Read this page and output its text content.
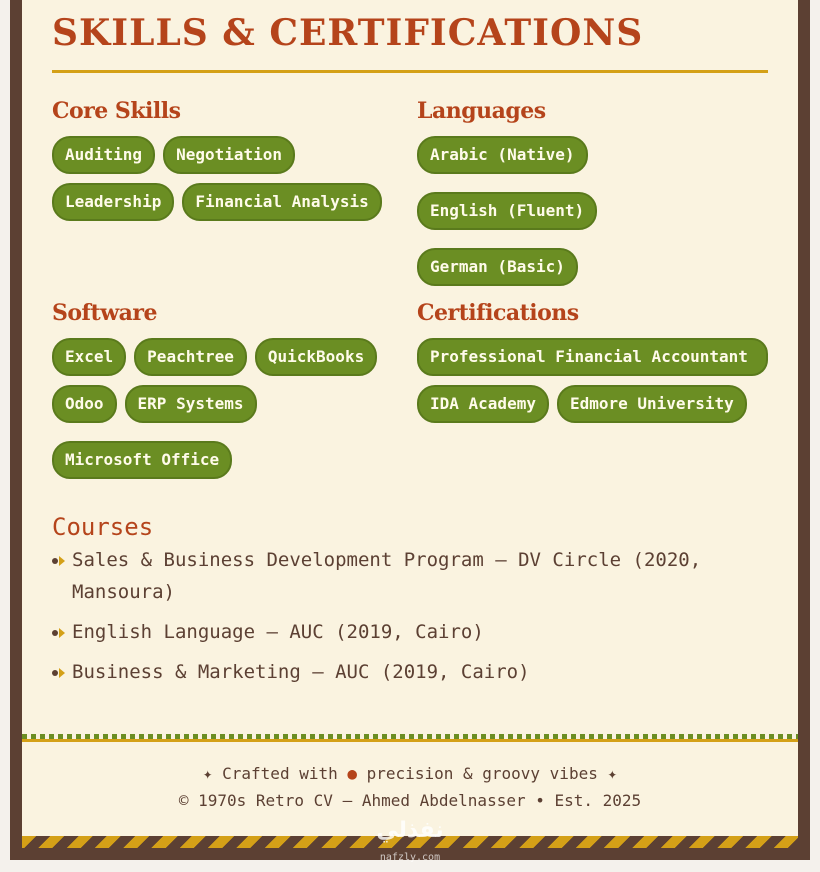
SKILLS & CERTIFICATIONS
Core Skills
Auditing	Negotiation
Leadership	Financial Analysis
Languages
Arabic (Native)
English (Fluent)
German (Basic)
Software
Excel	Peachtree	QuickBooks
Odoo	ERP Systems
Microsoft Office
Certifications
Professional Financial Accountant
IDA Academy	Edmore University
Courses
Sales & Business Development Program — DV Circle (2020, Mansoura)
English Language — AUC (2019, Cairo)
Business & Marketing — AUC (2019, Cairo)
✦ Crafted with ● precision & groovy vibes ✦
© 1970s Retro CV — Ahmed Abdelnasser • Est. 2025
نفذلي
nafzly.com
